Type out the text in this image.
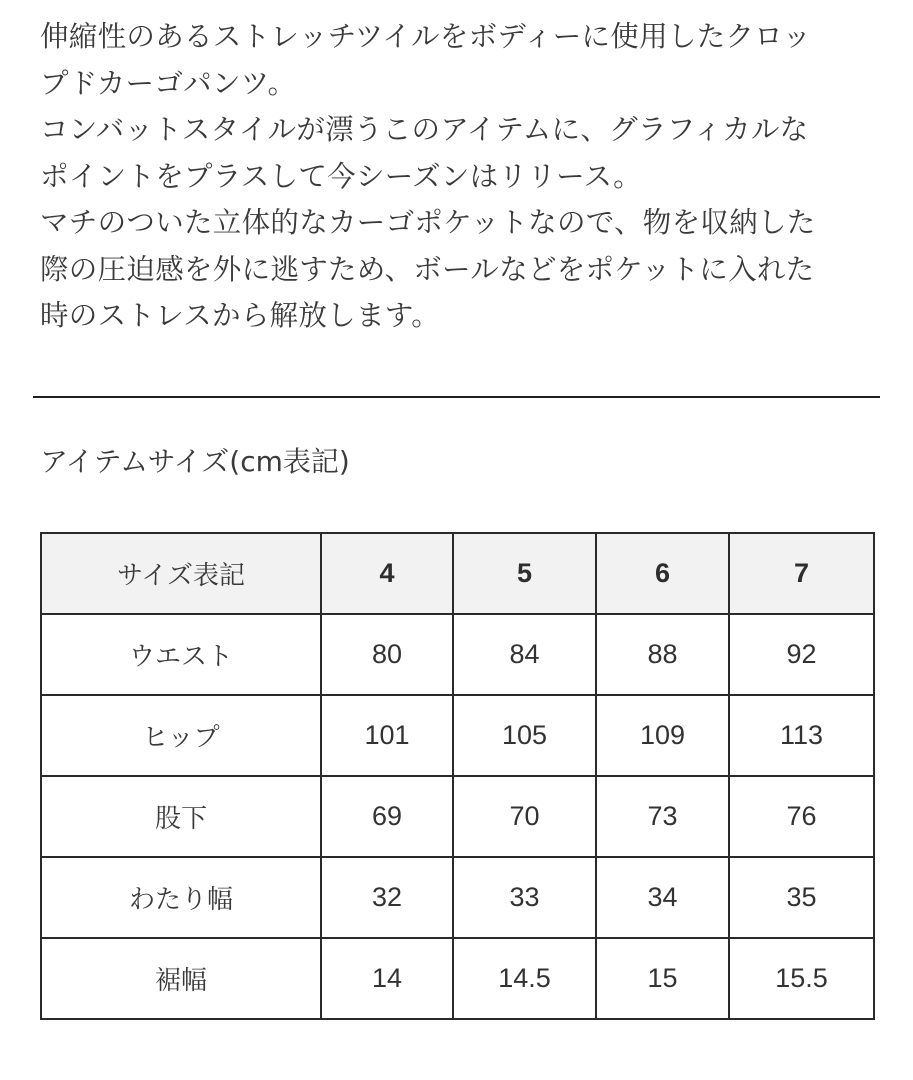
伸縮性のあるストレッチツイルをボディーに使用したクロッ
プドカーゴパンツ。
コンバットスタイルが漂うこのアイテムに、グラフィカルな
ポイントをプラスして今シーズンはリリース。
マチのついた立体的なカーゴポケットなので、物を収納した
際の圧迫感を外に逃すため、ボールなどをポケットに入れた
時のストレスから解放します。
アイテムサイズ(cm表記)
サイズ表記	4	5	6	7
ウエスト	80	84	88	92
ヒップ	101	105	109	113
股下	69	70	73	76
わたり幅	32	33	34	35
裾幅	14	14.5	15	15.5
